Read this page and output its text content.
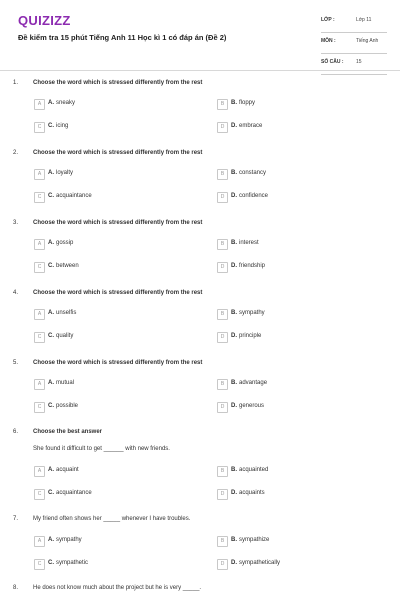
QUIZIZZ
Đề kiểm tra 15 phút Tiếng Anh 11 Học kì 1 có đáp án (Đề 2)
LỚP :	Lớp 11
MÔN :	Tiếng Anh
SỐ CÂU :	15
1. Choose the word which is stressed differently from the rest
A	A. sneaky	B	B. floppy
C	C. icing	D	D. embrace
2. Choose the word which is stressed differently from the rest
A	A. loyalty	B	B. constancy
C	C. acquaintance	D	D. confidence
3. Choose the word which is stressed differently from the rest
A	A. gossip	B	B. interest
C	C. between	D	D. friendship
4. Choose the word which is stressed differently from the rest
A	A. unselfis	B	B. sympathy
C	C. quality	D	D. principle
5. Choose the word which is stressed differently from the rest
A	A. mutual	B	B. advantage
C	C. possible	D	D. generous
6. Choose the best answer
She found it difficult to get ______ with new friends.
A	A. acquaint	B	B. acquainted
C	C. acquaintance	D	D. acquaints
7. My friend often shows her _____ whenever I have troubles.
A	A. sympathy	B	B. sympathize
C	C. sympathetic	D	D. sympathetically
8. He does not know much about the project but he is very _____.
